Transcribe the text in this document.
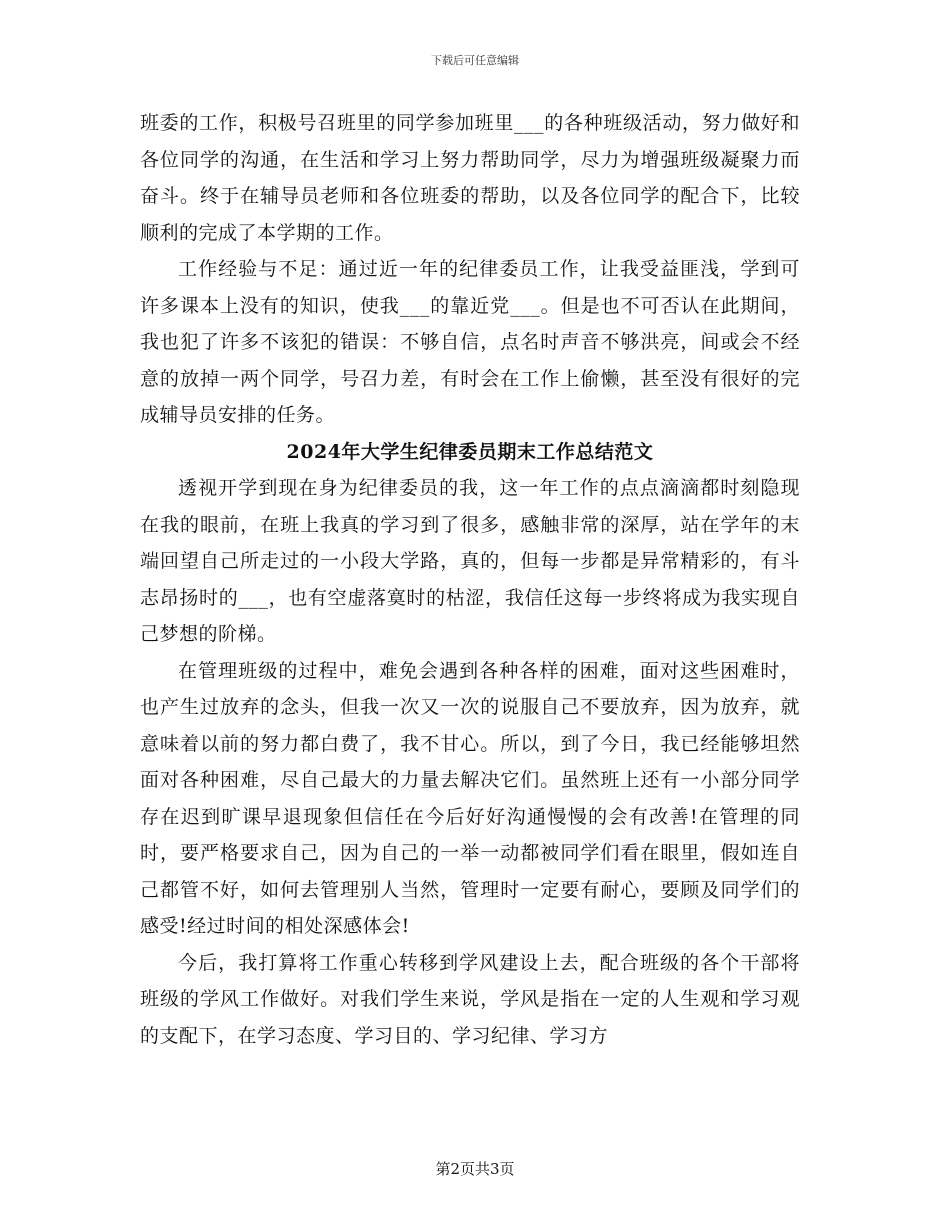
下载后可任意编辑

班委的工作，积极号召班里的同学参加班里___的各种班级活动，努力做好和各位同学的沟通，在生活和学习上努力帮助同学，尽力为增强班级凝聚力而奋斗。终于在辅导员老师和各位班委的帮助，以及各位同学的配合下，比较顺利的完成了本学期的工作。

工作经验与不足：通过近一年的纪律委员工作，让我受益匪浅，学到可许多课本上没有的知识，使我___的靠近党___。但是也不可否认在此期间，我也犯了许多不该犯的错误：不够自信，点名时声音不够洪亮，间或会不经意的放掉一两个同学，号召力差，有时会在工作上偷懒，甚至没有很好的完成辅导员安排的任务。

2024年大学生纪律委员期末工作总结范文

透视开学到现在身为纪律委员的我，这一年工作的点点滴滴都时刻隐现在我的眼前，在班上我真的学习到了很多，感触非常的深厚，站在学年的末端回望自己所走过的一小段大学路，真的，但每一步都是异常精彩的，有斗志昂扬时的___，也有空虚落寞时的枯涩，我信任这每一步终将成为我实现自己梦想的阶梯。

在管理班级的过程中，难免会遇到各种各样的困难，面对这些困难时，也产生过放弃的念头，但我一次又一次的说服自己不要放弃，因为放弃，就意味着以前的努力都白费了，我不甘心。所以，到了今日，我已经能够坦然面对各种困难，尽自己最大的力量去解决它们。虽然班上还有一小部分同学存在迟到旷课早退现象但信任在今后好好沟通慢慢的会有改善!在管理的同时，要严格要求自己，因为自己的一举一动都被同学们看在眼里，假如连自己都管不好，如何去管理别人当然，管理时一定要有耐心，要顾及同学们的感受!经过时间的相处深感体会!

今后，我打算将工作重心转移到学风建设上去，配合班级的各个干部将班级的学风工作做好。对我们学生来说，学风是指在一定的人生观和学习观的支配下，在学习态度、学习目的、学习纪律、学习方

第2页共3页
